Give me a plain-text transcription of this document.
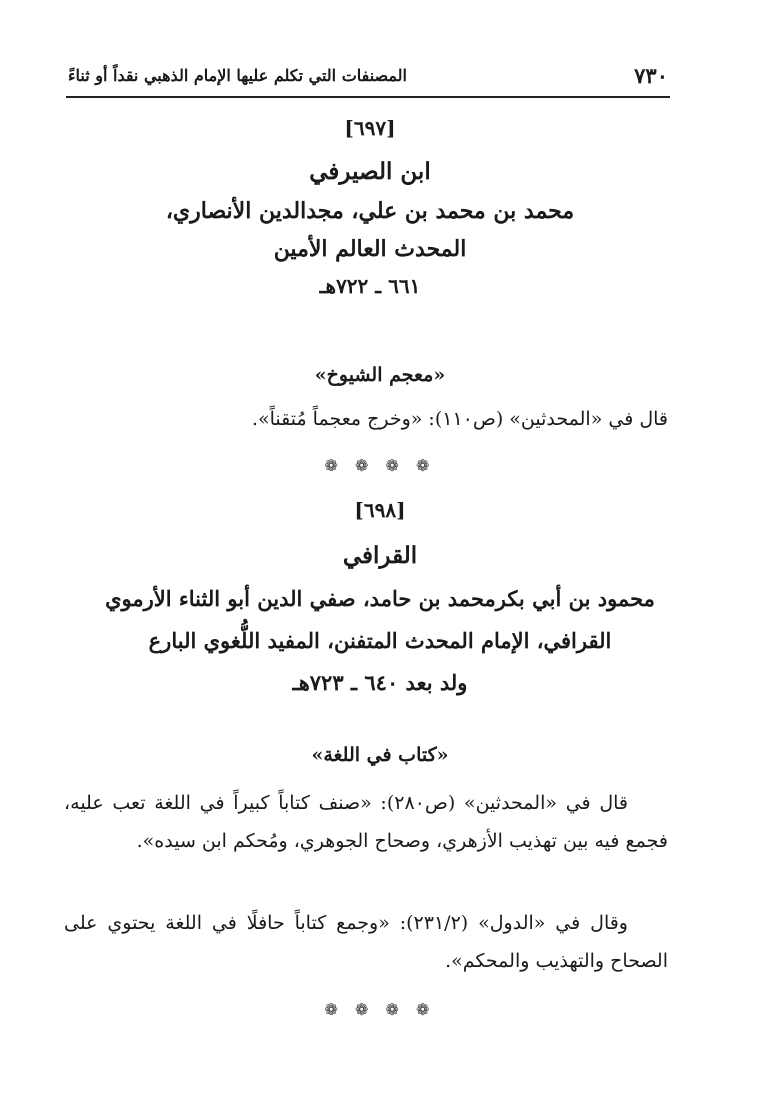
المصنفات التي تكلم عليها الإمام الذهبي نقداً أو ثناءً	٧٣٠
[٦٩٧]
ابن الصيرفي
محمد بن محمد بن علي، مجدالدين الأنصاري،
المحدث العالم الأمين
٦٦١ ـ ٧٢٢هـ
«معجم الشيوخ»
قال في «المحدثين» (ص١١٠): «وخرج معجماً مُتقناً».
❁ ❁ ❁ ❁
[٦٩٨]
القرافي
محمود بن أبي بكرمحمد بن حامد، صفي الدين أبو الثناء الأرموي
القرافي، الإمام المحدث المتفنن، المفيد اللُّغوي البارع
ولد بعد ٦٤٠ ـ ٧٢٣هـ
«كتاب في اللغة»
قال في «المحدثين» (ص٢٨٠): «صنف كتاباً كبيراً في اللغة تعب عليه، فجمع فيه بين تهذيب الأزهري، وصحاح الجوهري، ومُحكم ابن سيده».
وقال في «الدول» (٢٣١/٢): «وجمع كتاباً حافلًا في اللغة يحتوي على الصحاح والتهذيب والمحكم».
❁ ❁ ❁ ❁
